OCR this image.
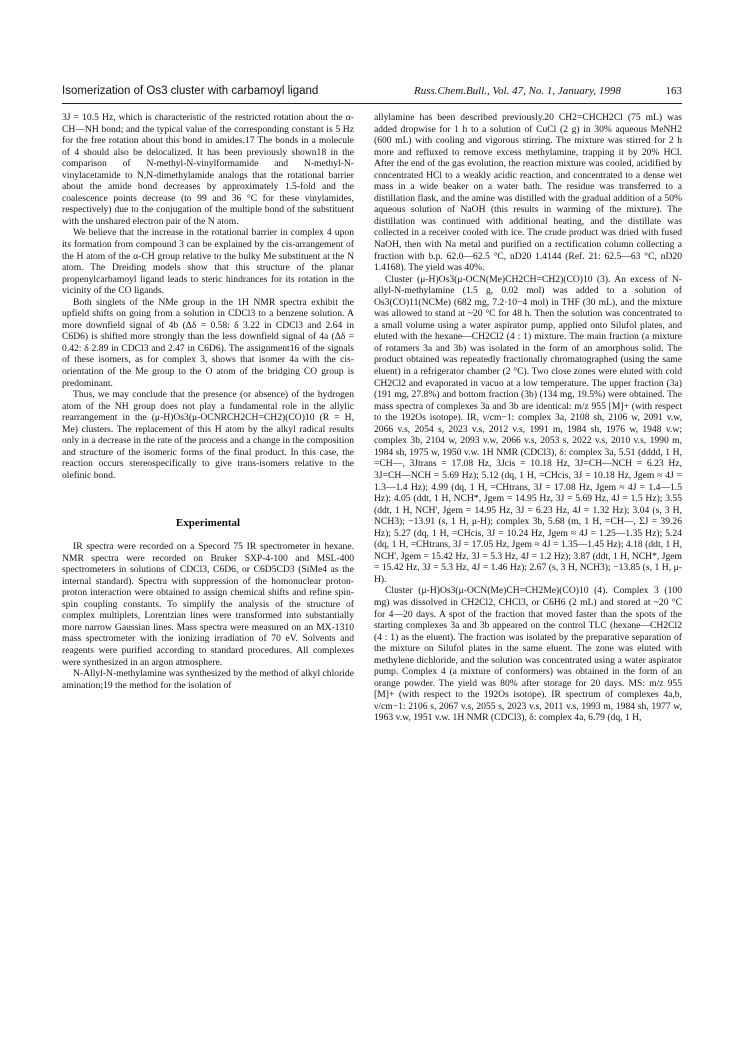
Isomerization of Os3 cluster with carbamoyl ligand	Russ.Chem.Bull., Vol. 47, No. 1, January, 1998	163

3J = 10.5 Hz, which is characteristic of the restricted rotation about the α-CH—NH bond; and the typical value of the corresponding constant is 5 Hz for the free rotation about this bond in amides.17 The bonds in a molecule of 4 should also be delocalized. It has been previously shown18 in the comparison of N-methyl-N-vinylformamide and N-methyl-N-vinylacetamide to N,N-dimethylamide analogs that the rotational barrier about the amide bond decreases by approximately 1.5-fold and the coalescence points decrease (to 99 and 36 °C for these vinylamides, respectively) due to the conjugation of the multiple bond of the substituent with the unshared electron pair of the N atom.

We believe that the increase in the rotational barrier in complex 4 upon its formation from compound 3 can be explained by the cis-arrangement of the H atom of the α-CH group relative to the bulky Me substituent at the N atom. The Dreiding models show that this structure of the planar propenylcarbamoyl ligand leads to steric hindrances for its rotation in the vicinity of the CO ligands.

Both singlets of the NMe group in the 1H NMR spectra exhibit the upfield shifts on going from a solution in CDCl3 to a benzene solution. A more downfield signal of 4b (Δδ = 0.58: δ 3.22 in CDCl3 and 2.64 in C6D6) is shifted more strongly than the less downfield signal of 4a (Δδ = 0.42: δ 2.89 in CDCl3 and 2.47 in C6D6). The assignment16 of the signals of these isomers, as for complex 3, shows that isomer 4a with the cis-orientation of the Me group to the O atom of the bridging CO group is predominant.

Thus, we may conclude that the presence (or absence) of the hydrogen atom of the NH group does not play a fundamental role in the allylic rearrangement in the (μ-H)Os3(μ-OCNRCH2CH=CH2)(CO)10 (R = H, Me) clusters. The replacement of this H atom by the alkyl radical results only in a decrease in the rate of the process and a change in the composition and structure of the isomeric forms of the final product. In this case, the reaction occurs stereospecifically to give trans-isomers relative to the olefinic bond.

Experimental

IR spectra were recorded on a Specord 75 IR spectrometer in hexane. NMR spectra were recorded on Bruker SXP-4-100 and MSL-400 spectrometers in solutions of CDCl3, C6D6, or C6D5CD3 (SiMe4 as the internal standard). Spectra with suppression of the homonuclear proton-proton interaction were obtained to assign chemical shifts and refine spin-spin coupling constants. To simplify the analysis of the structure of complex multiplets, Lorentzian lines were transformed into substantially more narrow Gaussian lines. Mass spectra were measured on an MX-1310 mass spectrometer with the ionizing irradiation of 70 eV. Solvents and reagents were purified according to standard procedures. All complexes were synthesized in an argon atmosphere.

N-Allyl-N-methylamine was synthesized by the method of alkyl chloride amination;19 the method for the isolation of

allylamine has been described previously.20 CH2=CHCH2Cl (75 mL) was added dropwise for 1 h to a solution of CuCl (2 g) in 30% aqueous MeNH2 (600 mL) with cooling and vigorous stirring. The mixture was stirred for 2 h more and refluxed to remove excess methylamine, trapping it by 20% HCl. After the end of the gas evolution, the reaction mixture was cooled, acidified by concentrated HCl to a weakly acidic reaction, and concentrated to a dense wet mass in a wide beaker on a water bath. The residue was transferred to a distillation flask, and the amine was distilled with the gradual addition of a 50% aqueous solution of NaOH (this results in warming of the mixture). The distillation was continued with additional heating, and the distillate was collected in a receiver cooled with ice. The crude product was dried with fused NaOH, then with Na metal and purified on a rectification column collecting a fraction with b.p. 62.0—62.5 °C, nD20 1.4144 (Ref. 21: 62.5—63 °C, nD20 1.4168). The yield was 40%.

Cluster (μ-H)Os3(μ-OCN(Me)CH2CH=CH2)(CO)10 (3). An excess of N-allyl-N-methylamine (1.5 g, 0.02 mol) was added to a solution of Os3(CO)11(NCMe) (682 mg, 7.2·10−4 mol) in THF (30 mL), and the mixture was allowed to stand at ~20 °C for 48 h. Then the solution was concentrated to a small volume using a water aspirator pump, applied onto Silufol plates, and eluted with the hexane—CH2Cl2 (4 : 1) mixture. The main fraction (a mixture of rotamers 3a and 3b) was isolated in the form of an amorphous solid. The product obtained was repeatedly fractionally chromatographed (using the same eluent) in a refrigerator chamber (2 °C). Two close zones were eluted with cold CH2Cl2 and evaporated in vacuo at a low temperature. The upper fraction (3a) (191 mg, 27.8%) and bottom fraction (3b) (134 mg, 19.5%) were obtained. The mass spectra of complexes 3a and 3b are identical: m/z 955 [M]+ (with respect to the 192Os isotope). IR, ν/cm−1: complex 3a, 2108 sh, 2106 w, 2091 v.w, 2066 v.s, 2054 s, 2023 v.s, 2012 v.s, 1991 m, 1984 sh, 1976 w, 1948 v.w; complex 3b, 2104 w, 2093 v.w, 2066 v.s, 2053 s, 2022 v.s, 2010 v.s, 1990 m, 1984 sh, 1975 w, 1950 v.w. 1H NMR (CDCl3), δ: complex 3a, 5.51 (dddd, 1 H, =CH—, 3Jtrans = 17.08 Hz, 3Jcis = 10.18 Hz, 3J=CH—NCH = 6.23 Hz, 3J=CH—NCH = 5.69 Hz); 5.12 (dq, 1 H, =CHcis, 3J = 10.18 Hz, Jgem ≈ 4J = 1.3—1.4 Hz); 4.99 (dq, 1 H, =CHtrans, 3J = 17.08 Hz, Jgem ≈ 4J = 1.4—1.5 Hz); 4.05 (ddt, 1 H, NCH*, Jgem = 14.95 Hz, 3J = 5.69 Hz, 4J = 1.5 Hz); 3.55 (ddt, 1 H, NCH', Jgem = 14.95 Hz, 3J = 6.23 Hz, 4J = 1.32 Hz); 3.04 (s, 3 H, NCH3); −13.91 (s, 1 H, μ-H); complex 3b, 5.68 (m, 1 H, =CH—, ΣJ = 39.26 Hz); 5.27 (dq, 1 H, =CHcis, 3J = 10.24 Hz, Jgem ≈ 4J = 1.25—1.35 Hz); 5.24 (dq, 1 H, =CHtrans, 3J = 17.05 Hz, Jgem ≈ 4J = 1.35—1.45 Hz); 4.18 (ddt, 1 H, NCH', Jgem = 15.42 Hz, 3J = 5.3 Hz, 4J = 1.2 Hz); 3.87 (ddt, 1 H, NCH*, Jgem = 15.42 Hz, 3J = 5.3 Hz, 4J = 1.46 Hz); 2.67 (s, 3 H, NCH3); −13.85 (s, 1 H, μ-H).

Cluster (μ-H)Os3(μ-OCN(Me)CH=CH2Me)(CO)10 (4). Complex 3 (100 mg) was dissolved in CH2Cl2, CHCl3, or C6H6 (2 mL) and stored at ~20 °C for 4—20 days. A spot of the fraction that moved faster than the spots of the starting complexes 3a and 3b appeared on the control TLC (hexane—CH2Cl2 (4 : 1) as the eluent). The fraction was isolated by the preparative separation of the mixture on Silufol plates in the same eluent. The zone was eluted with methylene dichloride, and the solution was concentrated using a water aspirator pump. Complex 4 (a mixture of conformers) was obtained in the form of an orange powder. The yield was 80% after storage for 20 days. MS: m/z 955 [M]+ (with respect to the 192Os isotope). IR spectrum of complexes 4a,b, ν/cm−1: 2106 s, 2067 v.s, 2055 s, 2023 v.s, 2011 v.s, 1993 m, 1984 sh, 1977 w, 1963 v.w, 1951 v.w. 1H NMR (CDCl3), δ: complex 4a, 6.79 (dq, 1 H,
